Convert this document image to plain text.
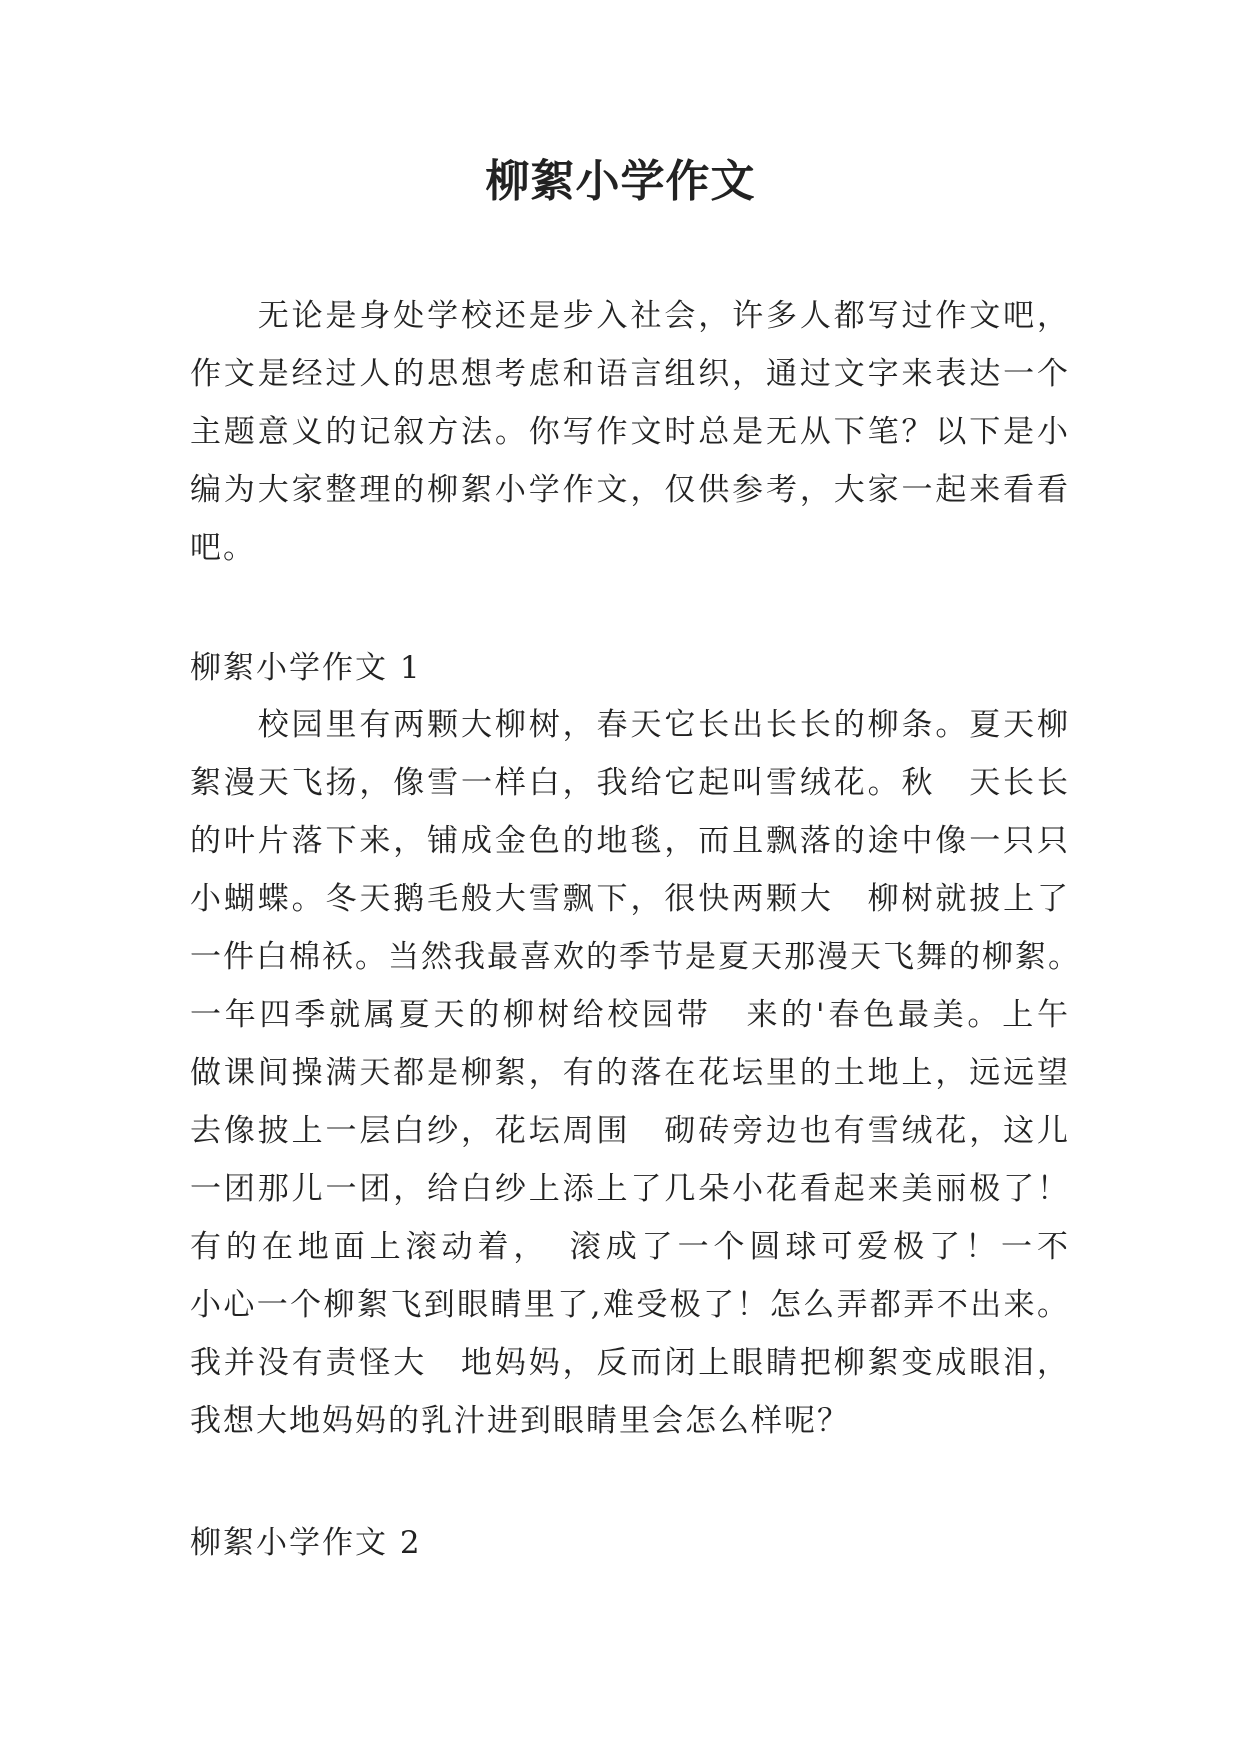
柳絮小学作文
　　无论是身处学校还是步入社会，许多人都写过作文吧，
作文是经过人的思想考虑和语言组织，通过文字来表达一个
主题意义的记叙方法。你写作文时总是无从下笔？以下是小
编为大家整理的柳絮小学作文，仅供参考，大家一起来看看
吧。
柳絮小学作文 1
　　校园里有两颗大柳树，春天它长出长长的柳条。夏天柳
絮漫天飞扬，像雪一样白，我给它起叫雪绒花。秋　天长长
的叶片落下来，铺成金色的地毯，而且飘落的途中像一只只
小蝴蝶。冬天鹅毛般大雪飘下，很快两颗大　柳树就披上了
一件白棉袄。当然我最喜欢的季节是夏天那漫天飞舞的柳絮。
一年四季就属夏天的柳树给校园带　来的'春色最美。上午
做课间操满天都是柳絮，有的落在花坛里的土地上，远远望
去像披上一层白纱，花坛周围　砌砖旁边也有雪绒花，这儿
一团那儿一团，给白纱上添上了几朵小花看起来美丽极了！
有的在地面上滚动着，　滚成了一个圆球可爱极了！一不
小心一个柳絮飞到眼睛里了,难受极了！怎么弄都弄不出来。
我并没有责怪大　地妈妈，反而闭上眼睛把柳絮变成眼泪，
我想大地妈妈的乳汁进到眼睛里会怎么样呢？
柳絮小学作文 2
